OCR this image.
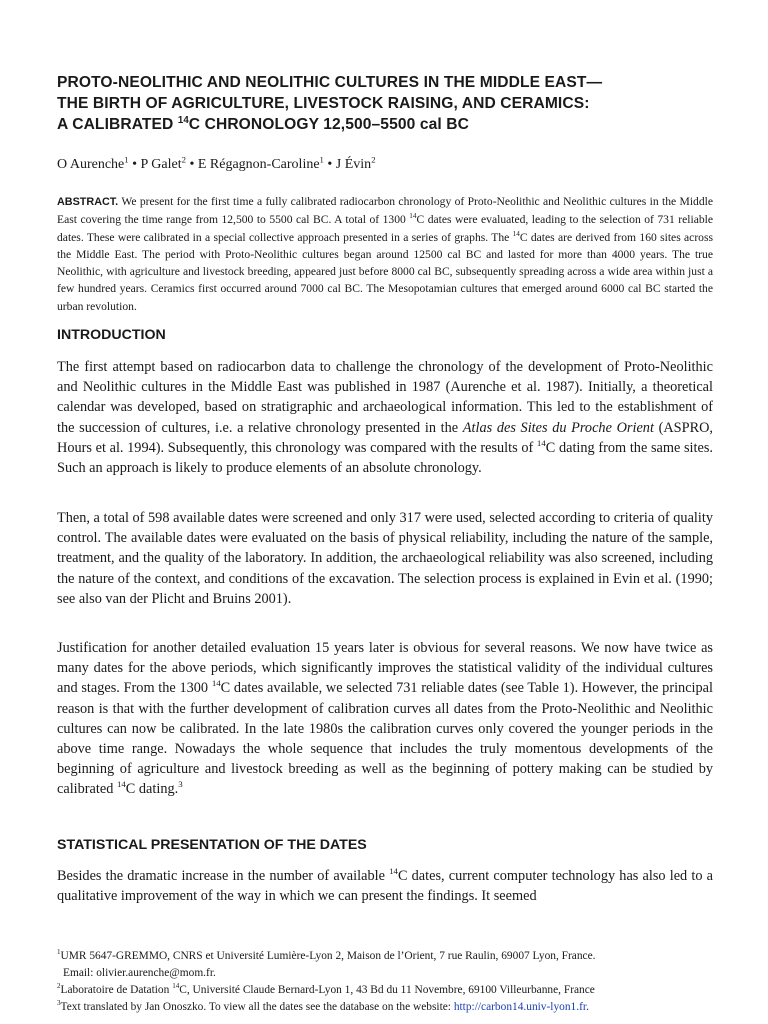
PROTO-NEOLITHIC AND NEOLITHIC CULTURES IN THE MIDDLE EAST—
THE BIRTH OF AGRICULTURE, LIVESTOCK RAISING, AND CERAMICS:
A CALIBRATED $^{14}$C CHRONOLOGY 12,500–5500 cal BC
O Aurenche$^1$ • P Galet$^2$ • E Régagnon-Caroline$^1$ • J Évin$^2$

ABSTRACT. We present for the first time a fully calibrated radiocarbon chronology of Proto-Neolithic and Neolithic cultures in the Middle East covering the time range from 12,500 to 5500 cal BC. A total of 1300 $^{14}$C dates were evaluated, leading to the selection of 731 reliable dates. These were calibrated in a special collective approach presented in a series of graphs. The $^{14}$C dates are derived from 160 sites across the Middle East. The period with Proto-Neolithic cultures began around 12500 cal BC and lasted for more than 4000 years. The true Neolithic, with agriculture and livestock breeding, appeared just before 8000 cal BC, subsequently spreading across a wide area within just a few hundred years. Ceramics first occurred around 7000 cal BC. The Mesopotamian cultures that emerged around 6000 cal BC started the urban revolution.

INTRODUCTION

The first attempt based on radiocarbon data to challenge the chronology of the development of Proto-Neolithic and Neolithic cultures in the Middle East was published in 1987 (Aurenche et al. 1987). Initially, a theoretical calendar was developed, based on stratigraphic and archaeological information. This led to the establishment of the succession of cultures, i.e. a relative chronology presented in the Atlas des Sites du Proche Orient (ASPRO, Hours et al. 1994). Subsequently, this chronology was compared with the results of $^{14}$C dating from the same sites. Such an approach is likely to produce elements of an absolute chronology.

Then, a total of 598 available dates were screened and only 317 were used, selected according to criteria of quality control. The available dates were evaluated on the basis of physical reliability, including the nature of the sample, treatment, and the quality of the laboratory. In addition, the archaeological reliability was also screened, including the nature of the context, and conditions of the excavation. The selection process is explained in Evin et al. (1990; see also van der Plicht and Bruins 2001).

Justification for another detailed evaluation 15 years later is obvious for several reasons. We now have twice as many dates for the above periods, which significantly improves the statistical validity of the individual cultures and stages. From the 1300 $^{14}$C dates available, we selected 731 reliable dates (see Table 1). However, the principal reason is that with the further development of calibration curves all dates from the Proto-Neolithic and Neolithic cultures can now be calibrated. In the late 1980s the calibration curves only covered the younger periods in the above time range. Nowadays the whole sequence that includes the truly momentous developments of the beginning of agriculture and livestock breeding as well as the beginning of pottery making can be studied by calibrated $^{14}$C dating.$^3$

STATISTICAL PRESENTATION OF THE DATES

Besides the dramatic increase in the number of available $^{14}$C dates, current computer technology has also led to a qualitative improvement of the way in which we can present the findings. It seemed

$^1$UMR 5647-GREMMO, CNRS et Université Lumière-Lyon 2, Maison de l’Orient, 7 rue Raulin, 69007 Lyon, France.
Email: olivier.aurenche@mom.fr.
$^2$Laboratoire de Datation $^{14}$C, Université Claude Bernard-Lyon 1, 43 Bd du 11 Novembre, 69100 Villeurbanne, France
$^3$Text translated by Jan Onoszko. To view all the dates see the database on the website: http://carbon14.univ-lyon1.fr.
